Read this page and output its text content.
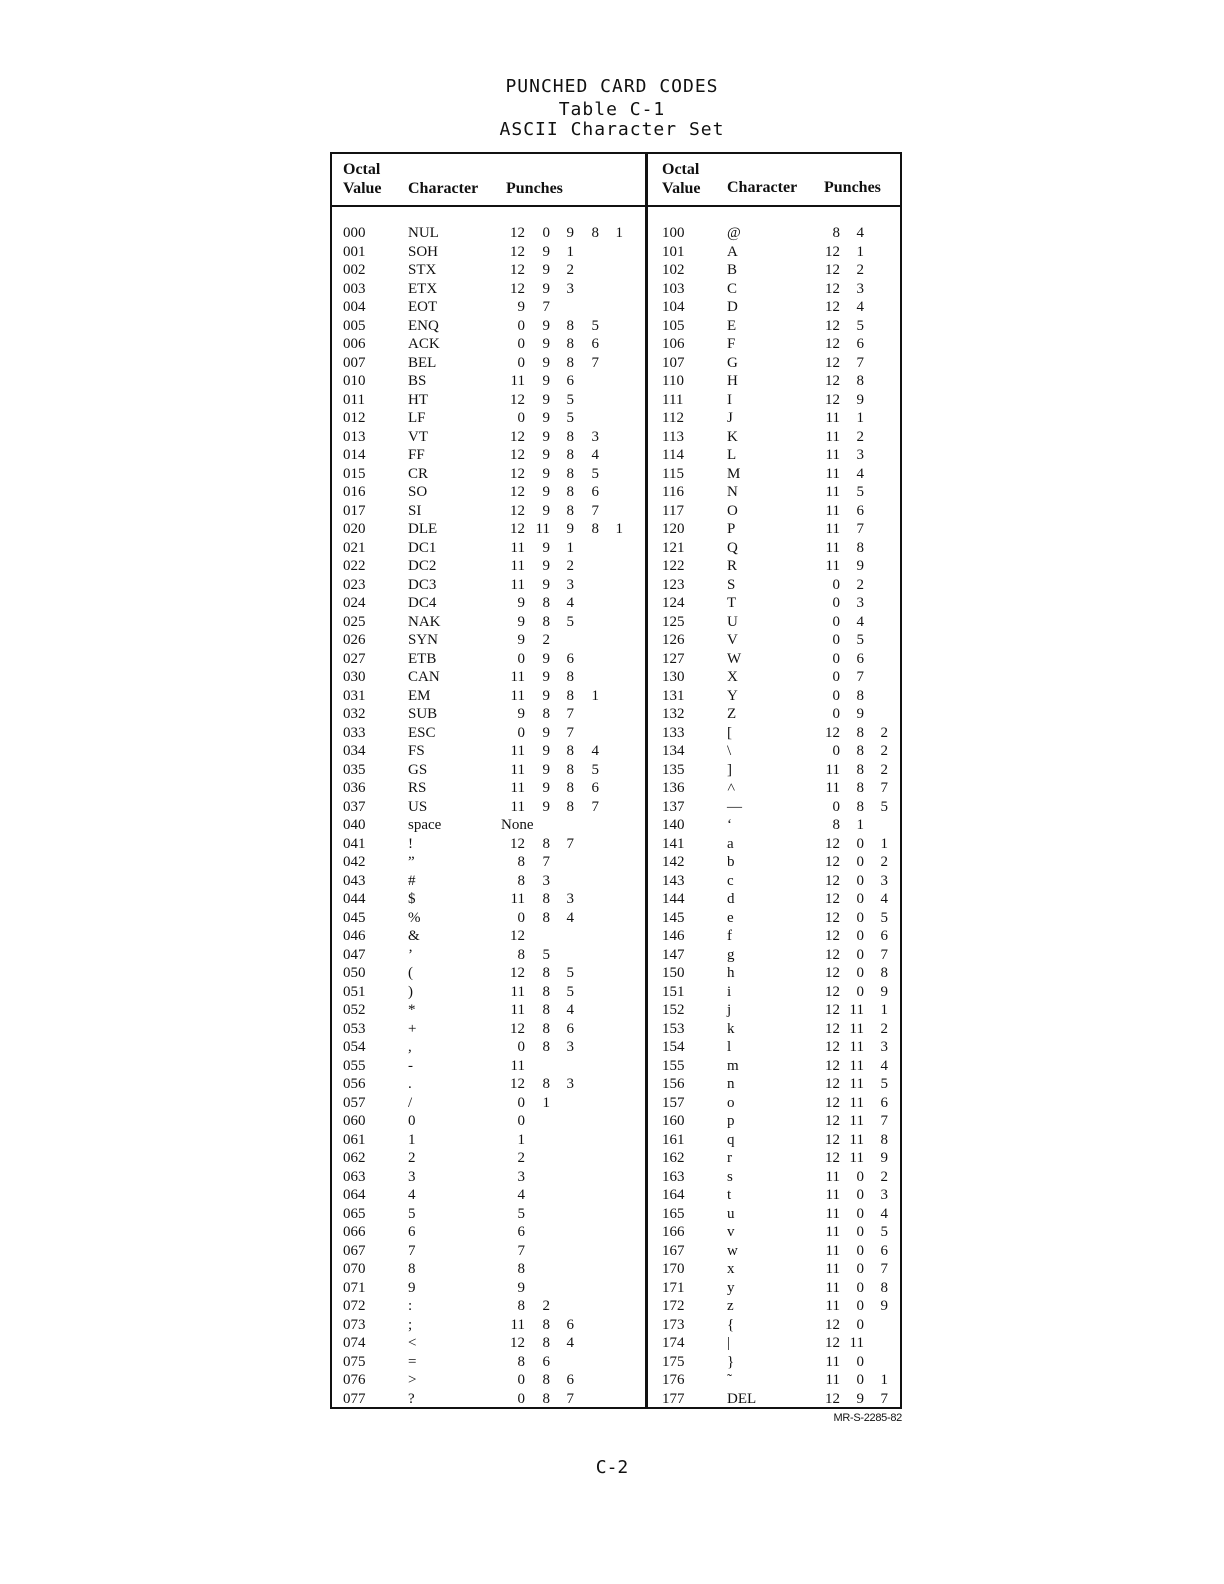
PUNCHED CARD CODES
Table C-1
ASCII Character Set
Octal
Value Character Punches
Octal
Value Character Punches
000	NUL	12	0	9	8	1
001	SOH	12	9	1
002	STX	12	9	2
003	ETX	12	9	3
004	EOT	9	7
005	ENQ	0	9	8	5
006	ACK	0	9	8	6
007	BEL	0	9	8	7
010	BS	11	9	6
011	HT	12	9	5
012	LF	0	9	5
013	VT	12	9	8	3
014	FF	12	9	8	4
015	CR	12	9	8	5
016	SO	12	9	8	6
017	SI	12	9	8	7
020	DLE	12 11	9	8	1
021	DC1	11	9	1
022	DC2	11	9	2
023	DC3	11	9	3
024	DC4	9	8	4
025	NAK	9	8	5
026	SYN	9	2
027	ETB	0	9	6
030	CAN	11	9	8
031	EM	11	9	8	1
032	SUB	9	8	7
033	ESC	0	9	7
034	FS	11	9	8	4
035	GS	11	9	8	5
036	RS	11	9	8	6
037	US	11	9	8	7
040	space	None
041	!	12	8	7
042	”	8	7
043	#	8	3
044	$	11	8	3
045	%	0	8	4
046	&	12
047	’	8	5
050	(	12	8	5
051	)	11	8	5
052	*	11	8	4
053	+	12	8	6
054	,	0	8	3
055	-	11
056	.	12	8	3
057	/	0	1
060	0	0
061	1	1
062	2	2
063	3	3
064	4	4
065	5	5
066	6	6
067	7	7
070	8	8
071	9	9
072	:	8	2
073	;	11	8	6
074	<	12	8	4
075	=	8	6
076	>	0	8	6
077	?	0	8	7
100	@	8	4
101	A	12	1
102	B	12	2
103	C	12	3
104	D	12	4
105	E	12	5
106	F	12	6
107	G	12	7
110	H	12	8
111	I	12	9
112	J	11	1
113	K	11	2
114	L	11	3
115	M	11	4
116	N	11	5
117	O	11	6
120	P	11	7
121	Q	11	8
122	R	11	9
123	S	0	2
124	T	0	3
125	U	0	4
126	V	0	5
127	W	0	6
130	X	0	7
131	Y	0	8
132	Z	0	9
133	[	12	8	2
134	\	0	8	2
135	]	11	8	2
136	˄	11	8	7
137	—	0	8	5
140	‘	8	1
141	a	12	0	1
142	b	12	0	2
143	c	12	0	3
144	d	12	0	4
145	e	12	0	5
146	f	12	0	6
147	g	12	0	7
150	h	12	0	8
151	i	12	0	9
152	j	12 11	1
153	k	12 11	2
154	l	12 11	3
155	m	12 11	4
156	n	12 11	5
157	o	12 11	6
160	p	12 11	7
161	q	12 11	8
162	r	12 11	9
163	s	11	0	2
164	t	11	0	3
165	u	11	0	4
166	v	11	0	5
167	w	11	0	6
170	x	11	0	7
171	y	11	0	8
172	z	11	0	9
173	{	12	0
174	|	12 11
175	}	11	0
176	˜	11	0	1
177	DEL	12	9	7
MR-S-2285-82
C-2
